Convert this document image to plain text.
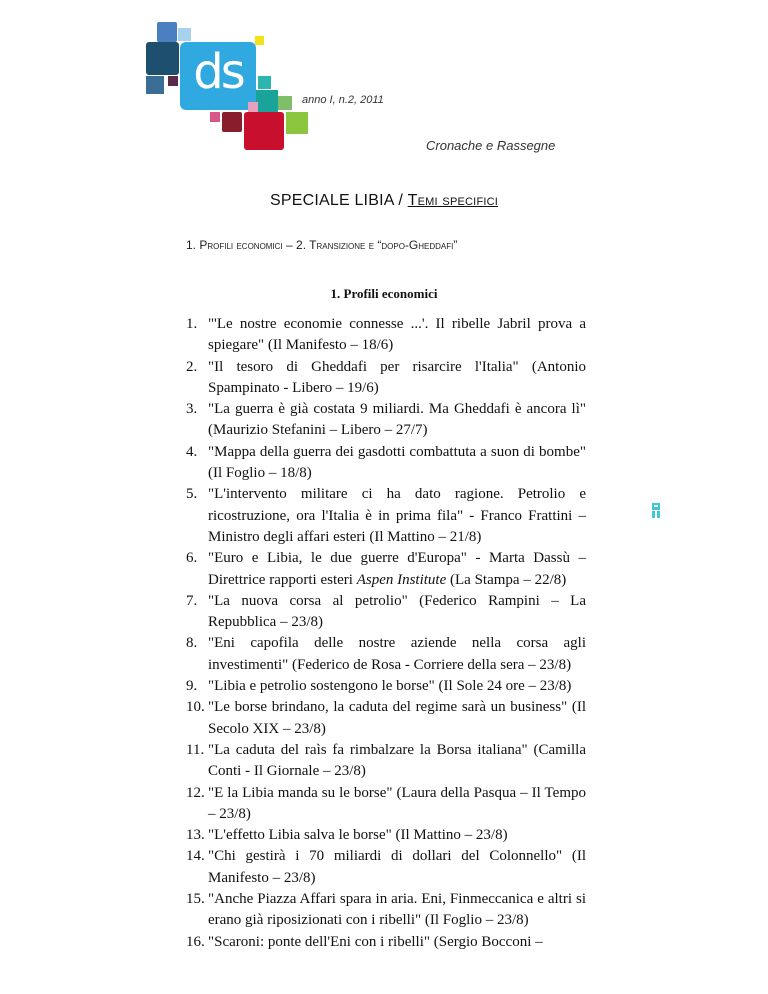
ds	anno I, n.2, 2011
Cronache e Rassegne
SPECIALE LIBIA / Temi specifici
1. Profili economici – 2. Transizione e “dopo-Gheddafi”
1. Profili economici
1. "'Le nostre economie connesse ...'. Il ribelle Jabril prova a spiegare" (Il Manifesto – 18/6)
2. "Il tesoro di Gheddafi per risarcire l'Italia" (Antonio Spampinato - Libero – 19/6)
3. "La guerra è già costata 9 miliardi. Ma Gheddafi è ancora lì" (Maurizio Stefanini – Libero – 27/7)
4. "Mappa della guerra dei gasdotti combattuta a suon di bombe" (Il Foglio – 18/8)
5. "L'intervento militare ci ha dato ragione. Petrolio e ricostruzione, ora l'Italia è in prima fila" - Franco Frattini – Ministro degli affari esteri (Il Mattino – 21/8)
6. "Euro e Libia, le due guerre d'Europa" - Marta Dassù – Direttrice rapporti esteri Aspen Institute (La Stampa – 22/8)
7. "La nuova corsa al petrolio" (Federico Rampini – La Repubblica – 23/8)
8. "Eni capofila delle nostre aziende nella corsa agli investimenti" (Federico de Rosa - Corriere della sera – 23/8)
9. "Libia e petrolio sostengono le borse" (Il Sole 24 ore – 23/8)
10. "Le borse brindano, la caduta del regime sarà un business" (Il Secolo XIX – 23/8)
11. "La caduta del raìs fa rimbalzare la Borsa italiana" (Camilla Conti - Il Giornale – 23/8)
12. "E la Libia manda su le borse" (Laura della Pasqua – Il Tempo – 23/8)
13. "L'effetto Libia salva le borse" (Il Mattino – 23/8)
14. "Chi gestirà i 70 miliardi di dollari del Colonnello" (Il Manifesto – 23/8)
15. "Anche Piazza Affari spara in aria. Eni, Finmeccanica e altri si erano già riposizionati con i ribelli" (Il Foglio – 23/8)
16. "Scaroni: ponte dell'Eni con i ribelli" (Sergio Bocconi –
